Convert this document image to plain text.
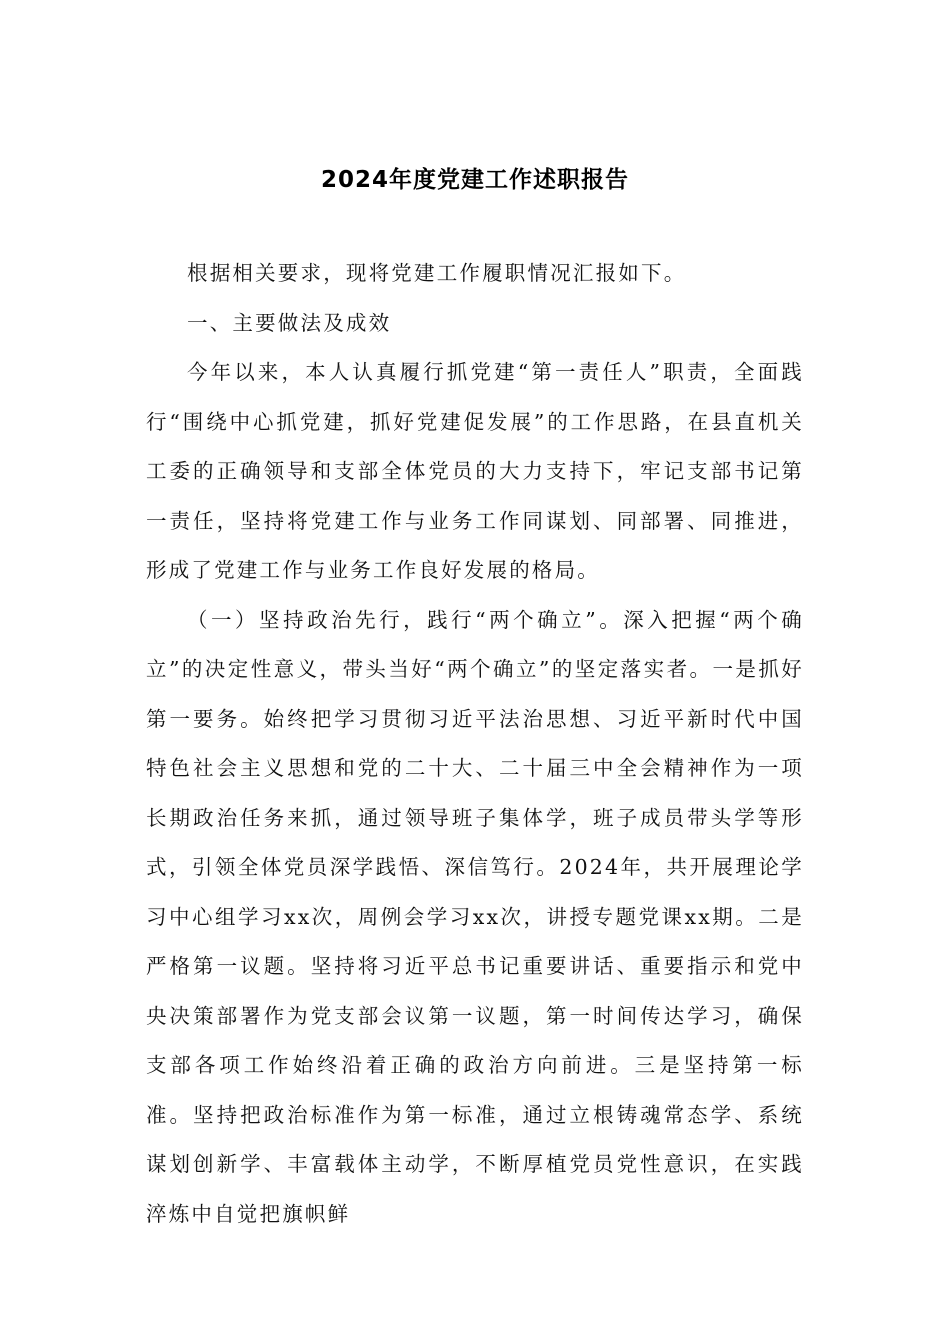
2024年度党建工作述职报告

根据相关要求，现将党建工作履职情况汇报如下。

一、主要做法及成效

今年以来，本人认真履行抓党建“第一责任人”职责，全面践行“围绕中心抓党建，抓好党建促发展”的工作思路，在县直机关工委的正确领导和支部全体党员的大力支持下，牢记支部书记第一责任，坚持将党建工作与业务工作同谋划、同部署、同推进，形成了党建工作与业务工作良好发展的格局。

（一）坚持政治先行，践行“两个确立”。深入把握“两个确立”的决定性意义，带头当好“两个确立”的坚定落实者。一是抓好第一要务。始终把学习贯彻习近平法治思想、习近平新时代中国特色社会主义思想和党的二十大、二十届三中全会精神作为一项长期政治任务来抓，通过领导班子集体学，班子成员带头学等形式，引领全体党员深学践悟、深信笃行。2024年，共开展理论学习中心组学习xx次，周例会学习xx次，讲授专题党课xx期。二是严格第一议题。坚持将习近平总书记重要讲话、重要指示和党中央决策部署作为党支部会议第一议题，第一时间传达学习，确保支部各项工作始终沿着正确的政治方向前进。三是坚持第一标准。坚持把政治标准作为第一标准，通过立根铸魂常态学、系统谋划创新学、丰富载体主动学，不断厚植党员党性意识，在实践淬炼中自觉把旗帜鲜
